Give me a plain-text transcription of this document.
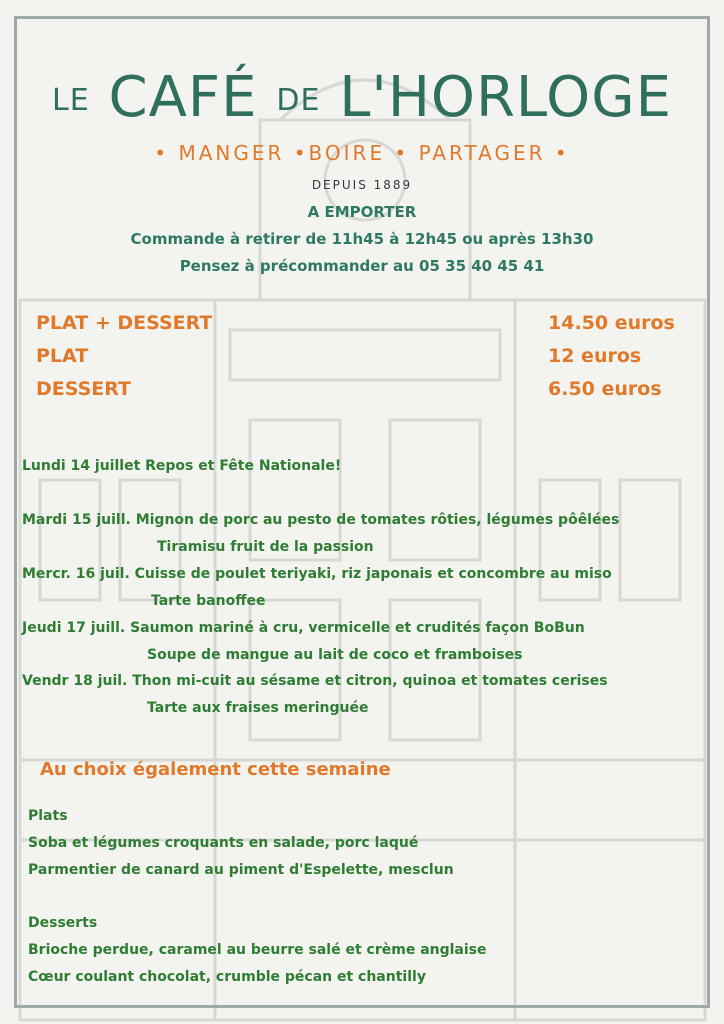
LE CAFÉ DE L'HORLOGE
• MANGER •BOIRE • PARTAGER •
DEPUIS 1889
A EMPORTER
Commande à retirer de 11h45 à 12h45 ou après 13h30
Pensez à précommander au 05 35 40 45 41
PLAT + DESSERT	14.50 euros
PLAT	12 euros
DESSERT	6.50 euros
Lundi 14 juillet Repos et Fête Nationale!
Mardi 15 juill. Mignon de porc au pesto de tomates rôties, légumes pôêlées
Tiramisu fruit de la passion
Mercr. 16 juil. Cuisse de poulet teriyaki, riz japonais et concombre au miso
Tarte banoffee
Jeudi 17 juill. Saumon mariné à cru, vermicelle et crudités façon BoBun
Soupe de mangue au lait de coco et framboises
Vendr 18 juil. Thon mi-cuit au sésame et citron, quinoa et tomates cerises
Tarte aux fraises meringuée
Au choix également cette semaine
Plats
Soba et légumes croquants en salade, porc laqué
Parmentier de canard au piment d'Espelette, mesclun
Desserts
Brioche perdue, caramel au beurre salé et crème anglaise
Cœur coulant chocolat, crumble pécan et chantilly
